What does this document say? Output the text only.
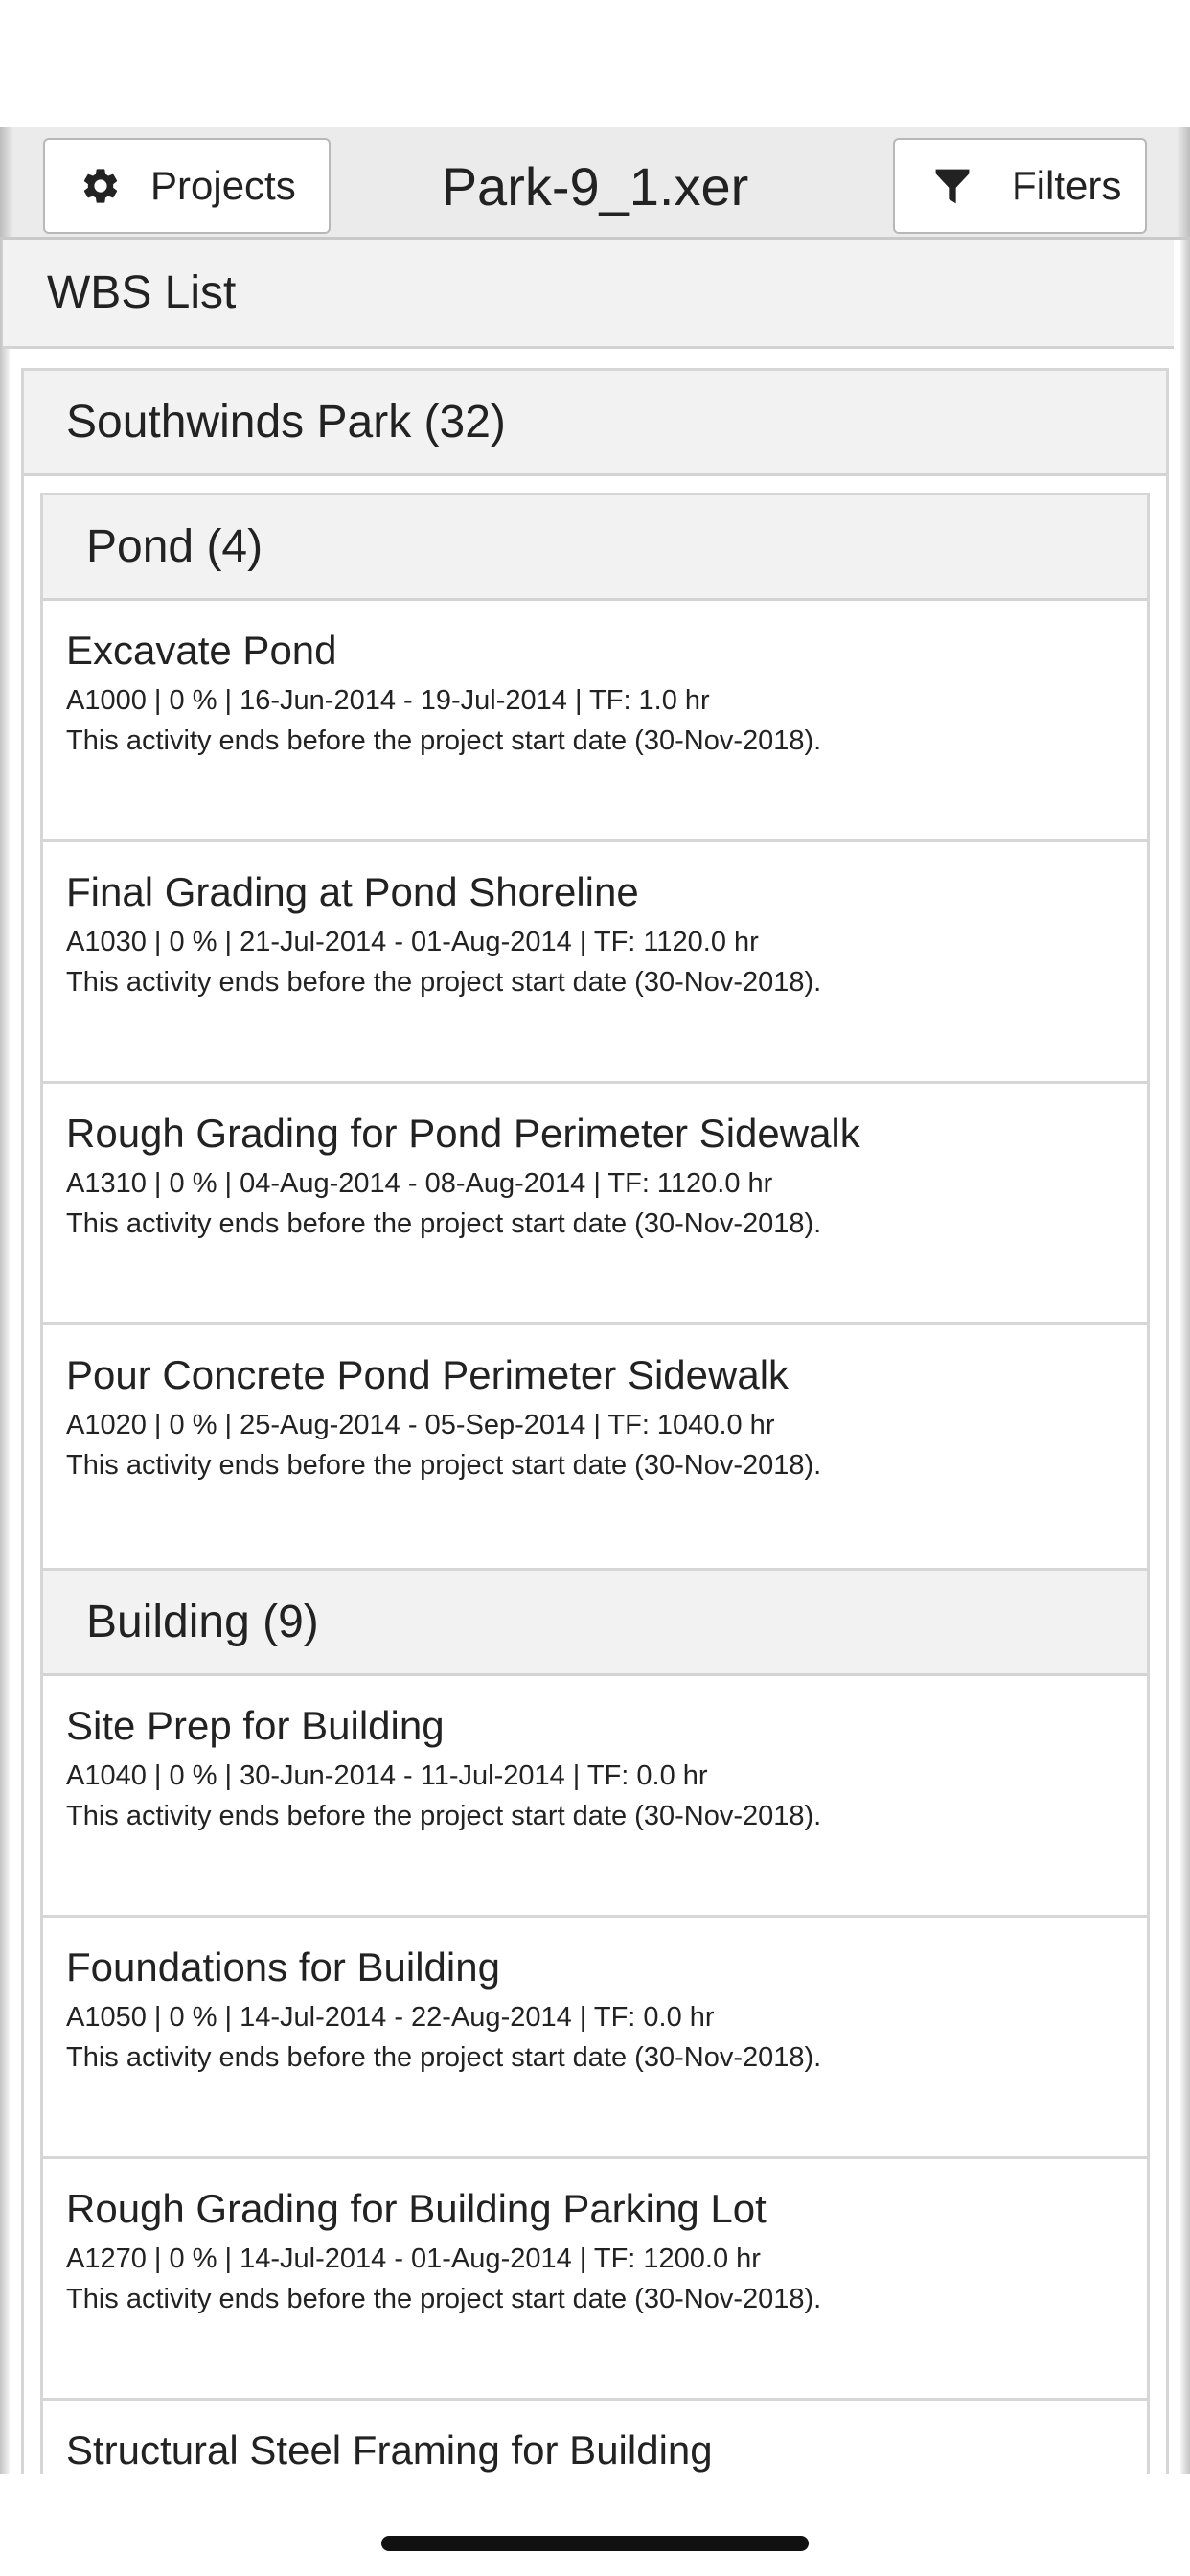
Projects	Park-9_1.xer	Filters
WBS List
Southwinds Park (32)
Pond (4)
Excavate Pond
A1000 | 0 % | 16-Jun-2014 - 19-Jul-2014 | TF: 1.0 hr
This activity ends before the project start date (30-Nov-2018).
Final Grading at Pond Shoreline
A1030 | 0 % | 21-Jul-2014 - 01-Aug-2014 | TF: 1120.0 hr
This activity ends before the project start date (30-Nov-2018).
Rough Grading for Pond Perimeter Sidewalk
A1310 | 0 % | 04-Aug-2014 - 08-Aug-2014 | TF: 1120.0 hr
This activity ends before the project start date (30-Nov-2018).
Pour Concrete Pond Perimeter Sidewalk
A1020 | 0 % | 25-Aug-2014 - 05-Sep-2014 | TF: 1040.0 hr
This activity ends before the project start date (30-Nov-2018).
Building (9)
Site Prep for Building
A1040 | 0 % | 30-Jun-2014 - 11-Jul-2014 | TF: 0.0 hr
This activity ends before the project start date (30-Nov-2018).
Foundations for Building
A1050 | 0 % | 14-Jul-2014 - 22-Aug-2014 | TF: 0.0 hr
This activity ends before the project start date (30-Nov-2018).
Rough Grading for Building Parking Lot
A1270 | 0 % | 14-Jul-2014 - 01-Aug-2014 | TF: 1200.0 hr
This activity ends before the project start date (30-Nov-2018).
Structural Steel Framing for Building
